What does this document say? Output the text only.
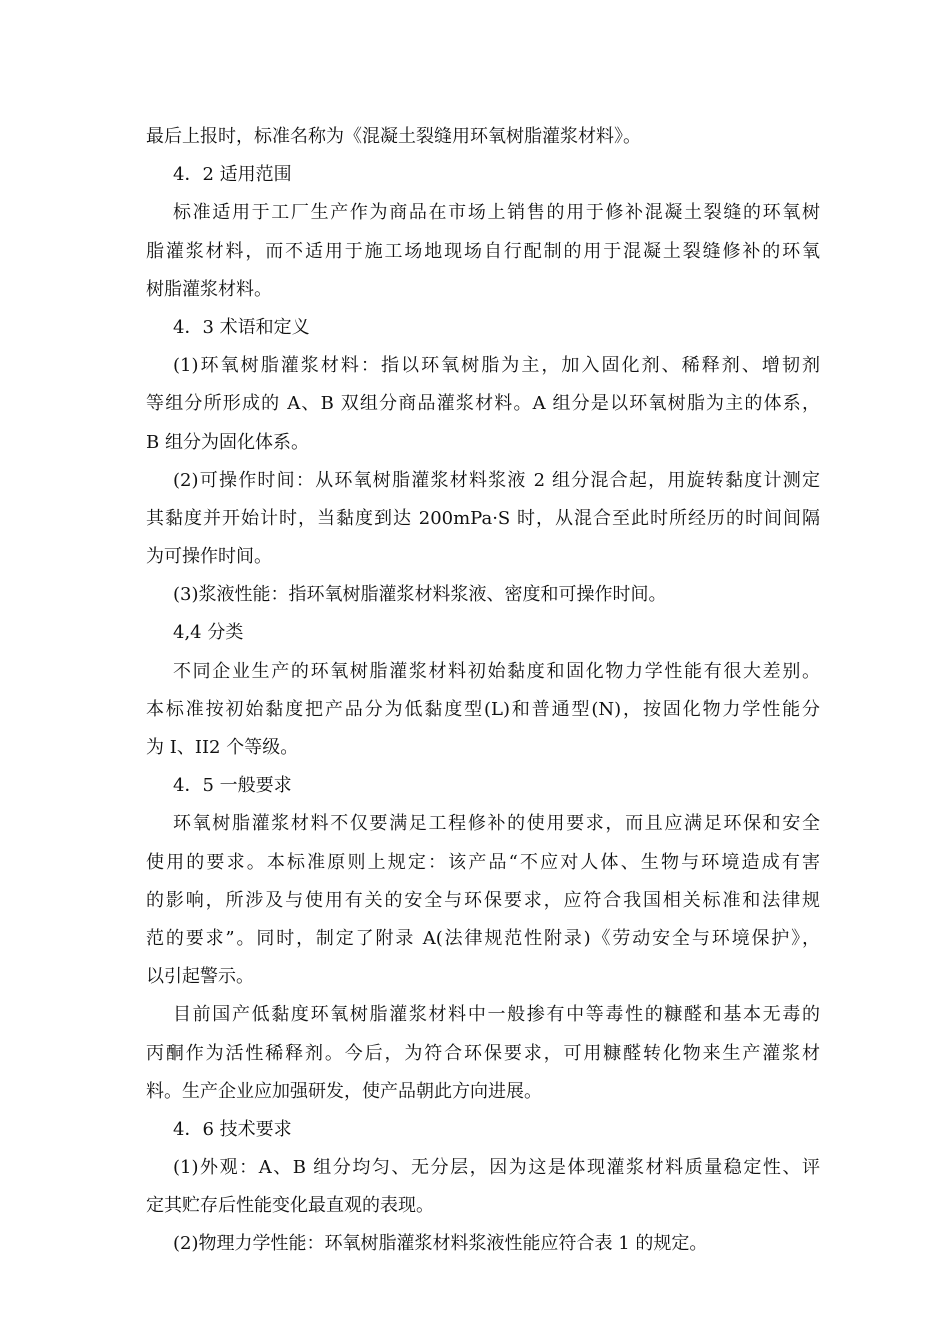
最后上报时，标准名称为《混凝土裂缝用环氧树脂灌浆材料》。
4．2 适用范围
标准适用于工厂生产作为商品在市场上销售的用于修补混凝土裂缝的环氧树
脂灌浆材料，而不适用于施工场地现场自行配制的用于混凝土裂缝修补的环氧
树脂灌浆材料。
4．3 术语和定义
(1)环氧树脂灌浆材料：指以环氧树脂为主，加入固化剂、稀释剂、增韧剂
等组分所形成的 A、B 双组分商品灌浆材料。A 组分是以环氧树脂为主的体系，
B 组分为固化体系。
(2)可操作时间：从环氧树脂灌浆材料浆液 2 组分混合起，用旋转黏度计测定
其黏度并开始计时，当黏度到达 200mPa·S 时，从混合至此时所经历的时间间隔
为可操作时间。
(3)浆液性能：指环氧树脂灌浆材料浆液、密度和可操作时间。
4,4 分类
不同企业生产的环氧树脂灌浆材料初始黏度和固化物力学性能有很大差别。
本标准按初始黏度把产品分为低黏度型(L)和普通型(N)，按固化物力学性能分
为 I、II2 个等级。
4．5 一般要求
环氧树脂灌浆材料不仅要满足工程修补的使用要求，而且应满足环保和安全
使用的要求。本标准原则上规定：该产品“不应对人体、生物与环境造成有害
的影响，所涉及与使用有关的安全与环保要求，应符合我国相关标准和法律规
范的要求”。同时，制定了附录 A(法律规范性附录)《劳动安全与环境保护》，
以引起警示。
目前国产低黏度环氧树脂灌浆材料中一般掺有中等毒性的糠醛和基本无毒的
丙酮作为活性稀释剂。今后，为符合环保要求，可用糠醛转化物来生产灌浆材
料。生产企业应加强研发，使产品朝此方向进展。
4．6 技术要求
(1)外观：A、B 组分均匀、无分层，因为这是体现灌浆材料质量稳定性、评
定其贮存后性能变化最直观的表现。
(2)物理力学性能：环氧树脂灌浆材料浆液性能应符合表 1 的规定。
